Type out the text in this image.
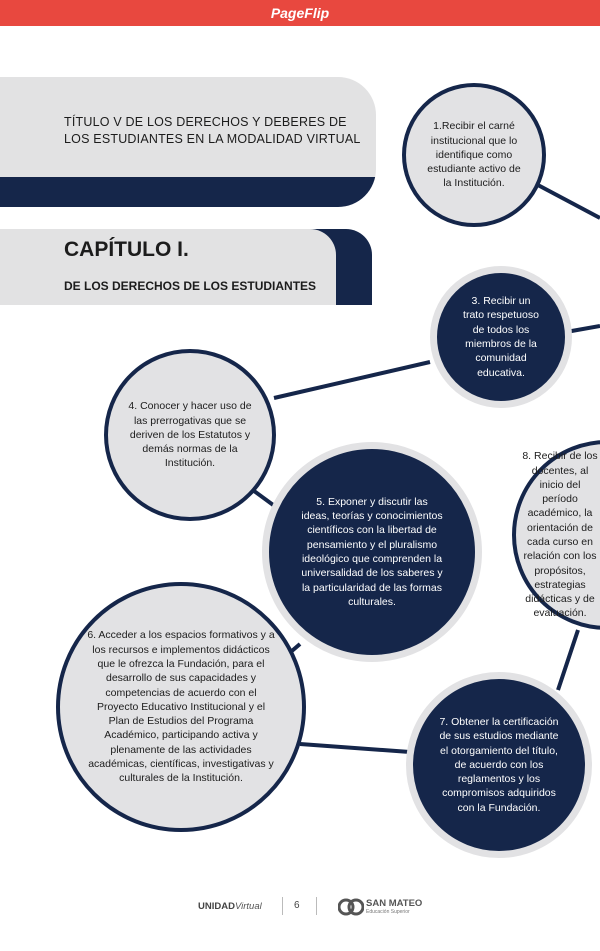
PageFlip
TÍTULO V DE LOS DERECHOS Y DEBERES DE LOS ESTUDIANTES EN LA MODALIDAD VIRTUAL
CAPÍTULO I.
DE LOS DERECHOS DE LOS ESTUDIANTES
1.Recibir el carné institucional que lo identifique como estudiante activo de la Institución.
3. Recibir un trato respetuoso de todos los miembros de la comunidad educativa.
4. Conocer y hacer uso de las prerrogativas que se deriven de los Estatutos y demás normas de la Institución.
5. Exponer y discutir las ideas, teorías y conocimientos científicos con la libertad de pensamiento y el pluralismo ideológico que comprenden la universalidad de los saberes y la particularidad de las formas culturales.
8. Recibir de los docentes, al inicio del período académico, la orientación de cada curso en relación con los propósitos, estrategias didácticas y de evaluación.
6. Acceder a los espacios formativos y a los recursos e implementos didácticos que le ofrezca la Fundación, para el desarrollo de sus capacidades y competencias de acuerdo con el Proyecto Educativo Institucional y el Plan de Estudios del Programa Académico, participando activa y plenamente de las actividades académicas, científicas, investigativas y culturales de la Institución.
7. Obtener la certificación de sus estudios mediante el otorgamiento del título, de acuerdo con los reglamentos y los compromisos adquiridos con la Fundación.
UNIDADVirtual	6	SAN MATEO
Educación Superior
